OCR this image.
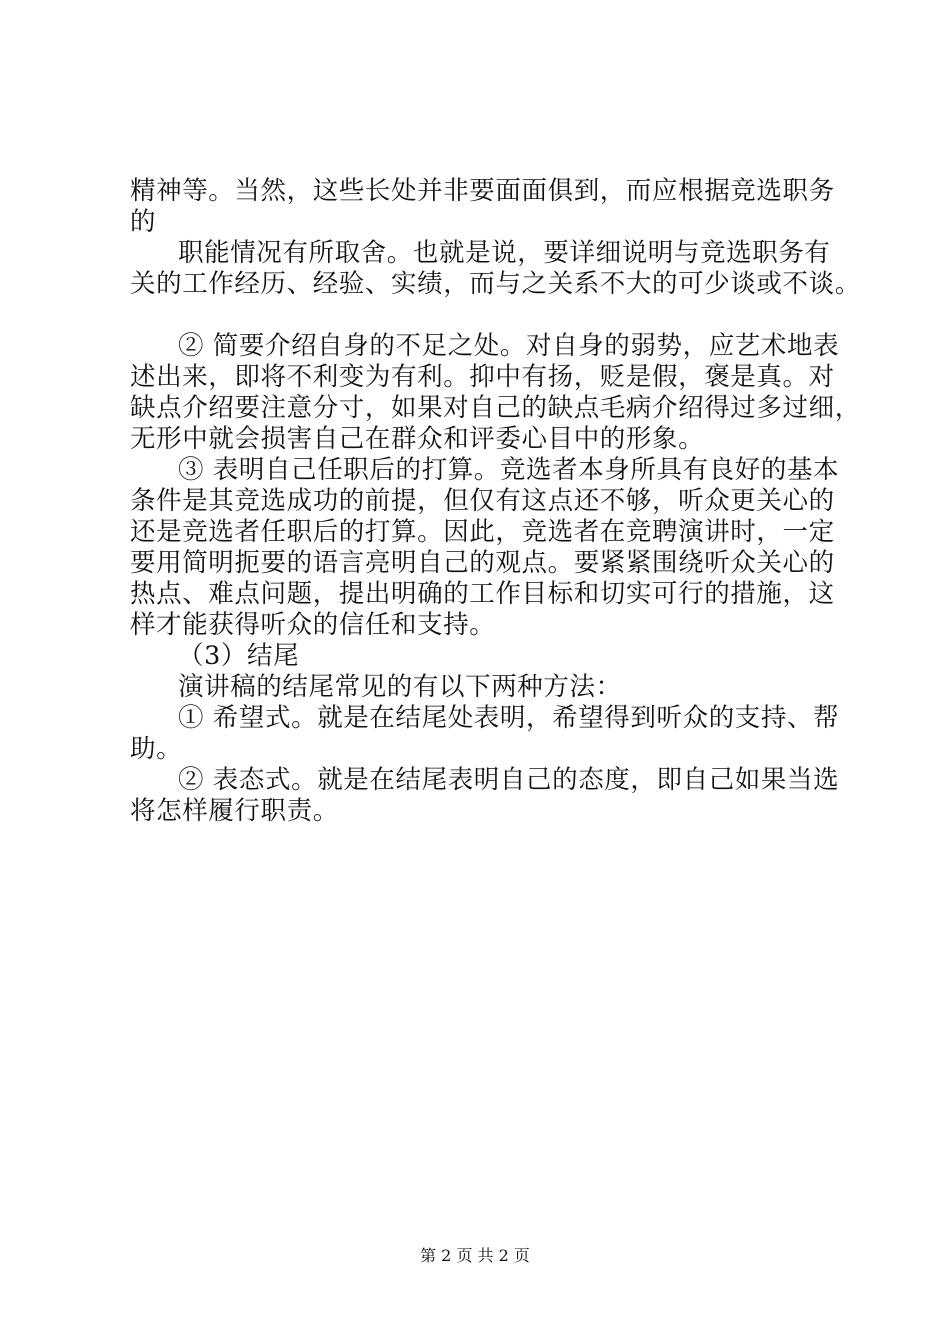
精神等。当然，这些长处并非要面面俱到，而应根据竞选职务
的
职能情况有所取舍。也就是说，要详细说明与竞选职务有
关的工作经历、经验、实绩，而与之关系不大的可少谈或不谈。
② 简要介绍自身的不足之处。对自身的弱势，应艺术地表
述出来，即将不利变为有利。抑中有扬，贬是假，褒是真。对
缺点介绍要注意分寸，如果对自己的缺点毛病介绍得过多过细，
无形中就会损害自己在群众和评委心目中的形象。
③ 表明自己任职后的打算。竞选者本身所具有良好的基本
条件是其竞选成功的前提，但仅有这点还不够，听众更关心的
还是竞选者任职后的打算。因此，竞选者在竞聘演讲时，一定
要用简明扼要的语言亮明自己的观点。要紧紧围绕听众关心的
热点、难点问题，提出明确的工作目标和切实可行的措施，这
样才能获得听众的信任和支持。
（3）结尾
演讲稿的结尾常见的有以下两种方法：
① 希望式。就是在结尾处表明，希望得到听众的支持、帮
助。
② 表态式。就是在结尾表明自己的态度，即自己如果当选
将怎样履行职责。
第 2 页 共 2 页
